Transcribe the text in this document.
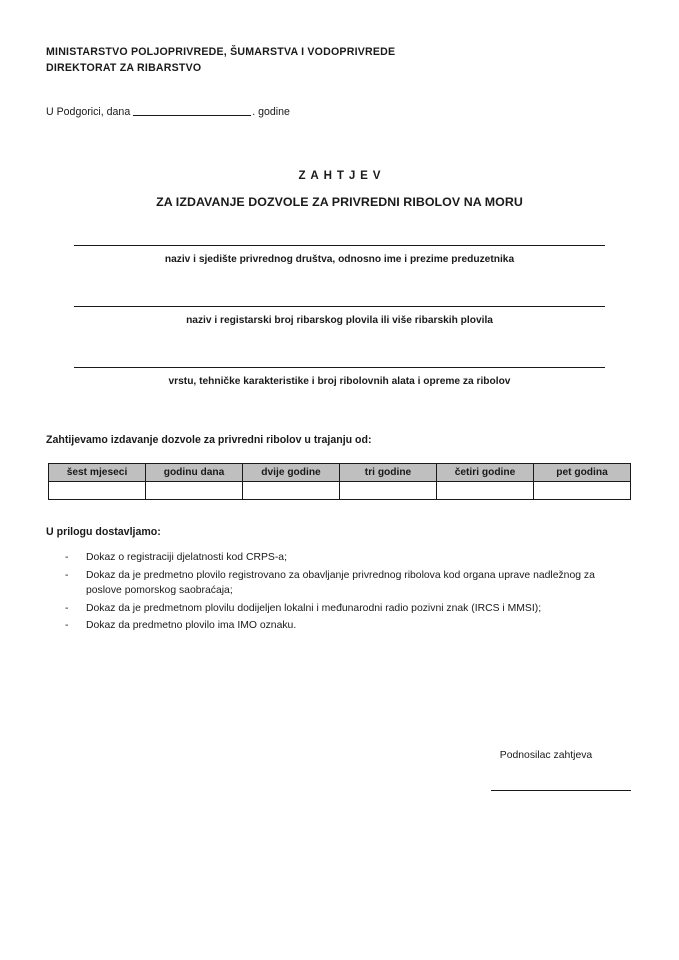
MINISTARSTVO POLJOPRIVREDE, ŠUMARSTVA I VODOPRIVREDE
DIREKTORAT ZA RIBARSTVO
U Podgorici, dana	. godine
ZAHTJEV
ZA IZDAVANJE DOZVOLE ZA PRIVREDNI RIBOLOV NA MORU
naziv i sjedište privrednog društva, odnosno ime i prezime preduzetnika
naziv i registarski broj ribarskog plovila ili više ribarskih plovila
vrstu, tehničke karakteristike i broj ribolovnih alata i opreme za ribolov
Zahtijevamo izdavanje dozvole za privredni ribolov u trajanju od:
šest mjeseci	godinu dana	dvije godine	tri godine	četiri godine	pet godina

U prilogu dostavljamo:
-	Dokaz o registraciji djelatnosti kod CRPS-a;
-	Dokaz da je predmetno plovilo registrovano za obavljanje privrednog ribolova kod organa uprave nadležnog za poslove pomorskog saobraćaja;
-	Dokaz da je predmetnom plovilu dodijeljen lokalni i međunarodni radio pozivni znak (IRCS i MMSI);
-	Dokaz da predmetno plovilo ima IMO oznaku.
Podnosilac zahtjeva
